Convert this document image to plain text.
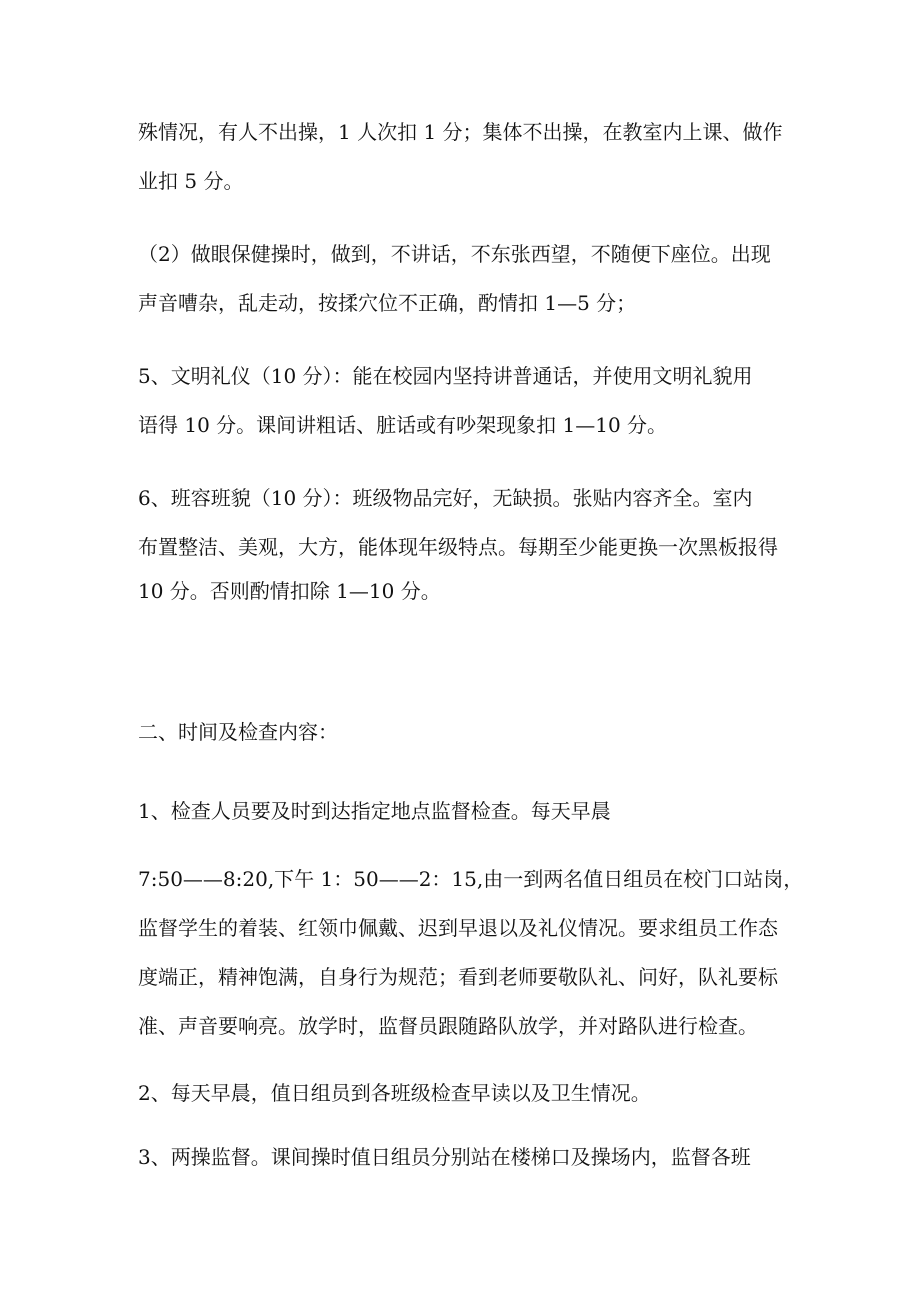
殊情况，有人不出操，1 人次扣 1 分；集体不出操，在教室内上课、做作
业扣 5 分。
（2）做眼保健操时，做到，不讲话，不东张西望，不随便下座位。出现
声音嘈杂，乱走动，按揉穴位不正确，酌情扣 1—5 分；
5、文明礼仪（10 分）：能在校园内坚持讲普通话，并使用文明礼貌用
语得 10 分。课间讲粗话、脏话或有吵架现象扣 1—10 分。
6、班容班貌（10 分）：班级物品完好，无缺损。张贴内容齐全。室内
布置整洁、美观，大方，能体现年级特点。每期至少能更换一次黑板报得
10 分。否则酌情扣除 1—10 分。
二、时间及检查内容：
1、检查人员要及时到达指定地点监督检查。每天早晨
7:50——8:20,下午 1：50——2：15,由一到两名值日组员在校门口站岗，
监督学生的着装、红领巾佩戴、迟到早退以及礼仪情况。要求组员工作态
度端正，精神饱满，自身行为规范；看到老师要敬队礼、问好，队礼要标
准、声音要响亮。放学时，监督员跟随路队放学，并对路队进行检查。
2、每天早晨，值日组员到各班级检查早读以及卫生情况。
3、两操监督。课间操时值日组员分别站在楼梯口及操场内，监督各班
